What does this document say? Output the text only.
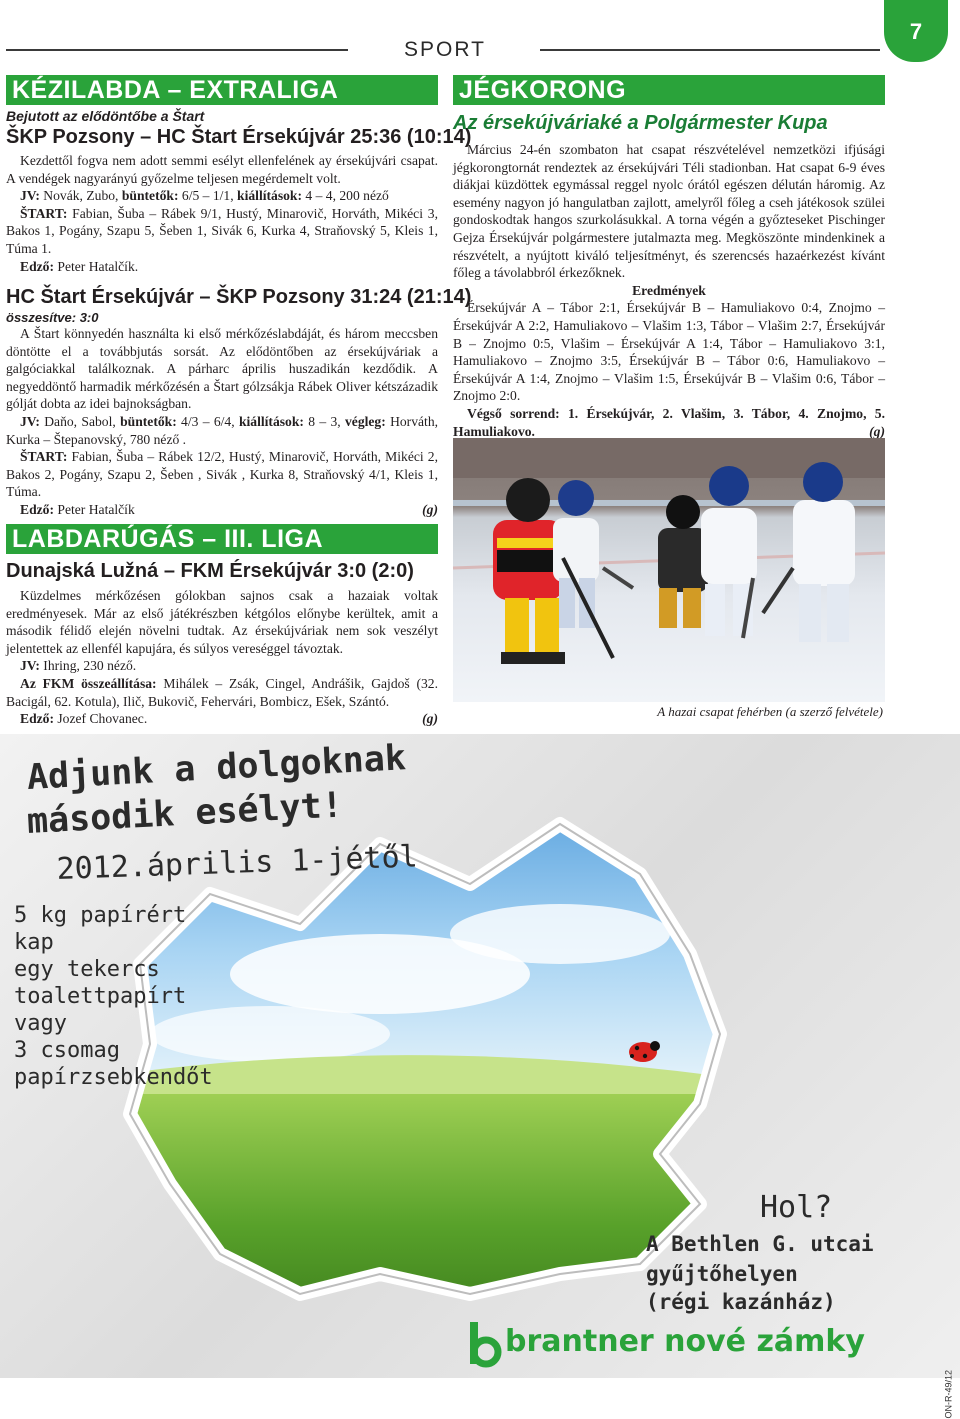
SPORT
7
KÉZILABDA – EXTRALIGA
Bejutott az elődöntőbe a Štart
ŠKP Pozsony – HC Štart Érsekújvár 25:36 (10:14)

Kezdettől fogva nem adott semmi esélyt ellenfelének ay érsekújvári csapat. A vendégek nagyarányú győzelme teljesen megérdemelt volt.

JV: Novák, Zubo, büntetők: 6/5 – 1/1, kiállítások: 4 – 4, 200 néző

ŠTART: Fabian, Šuba – Rábek 9/1, Hustý, Minarovič, Horváth, Mikéci 3, Bakos 1, Pogány, Szapu 5, Šeben 1, Sivák 6, Kurka 4, Straňovský 5, Kleis 1, Túma 1.

Edző: Peter Hatalčík.

HC Štart Érsekújvár – ŠKP Pozsony 31:24 (21:14)
összesítve: 3:0

A Štart könnyedén használta ki első mérkőzéslabdáját, és három meccsben döntötte el a továbbjutás sorsát. Az elődöntőben az érsekújváriak a galgóciakkal találkoznak. A párharc április huszadikán kezdődik. A negyeddöntő harmadik mérkőzésén a Štart gólzsákja Rábek Oliver kétszázadik gólját dobta az idei bajnokságban.

JV: Daňo, Sabol, büntetők: 4/3 – 6/4, kiállítások: 8 – 3, végleg: Horváth, Kurka – Štepanovský, 780 néző .

ŠTART: Fabian, Šuba – Rábek 12/2, Hustý, Minarovič, Horváth, Mikéci 2, Bakos 2, Pogány, Szapu 2, Šeben , Sivák , Kurka 8, Straňovský 4/1, Kleis 1, Túma.

Edző: Peter Hatalčík	(g)

LABDARÚGÁS – III. LIGA
Dunajská Lužná – FKM Érsekújvár 3:0 (2:0)

Küzdelmes mérkőzésen gólokban sajnos csak a hazaiak voltak eredményesek. Már az első játékrészben kétgólos előnybe kerültek, amit a második félidő elején növelni tudtak. Az érsekújváriak nem sok veszélyt jelentettek az ellenfél kapujára, és súlyos vereséggel távoztak.

JV: Ihring, 230 néző.

Az FKM összeállítása: Mihálek – Zsák, Cingel, Andrášik, Gajdoš (32. Bacigál, 62. Kotula), Ilič, Bukovič, Fehervári, Bombicz, Ešek, Szántó.

Edző: Jozef Chovanec.	(g)

JÉGKORONG
Az érsekújváriaké a Polgármester Kupa

Március 24-én szombaton hat csapat részvételével nemzetközi ifjúsági jégkorongtornát rendeztek az érsekújvári Téli stadionban. Hat csapat 6-9 éves diákjai küzdöttek egymással reggel nyolc órától egészen délután háromig. Az esemény nagyon jó hangulatban zajlott, amelyről főleg a cseh játékosok szülei gondoskodtak hangos szurkolásukkal. A torna végén a győzteseket Pischinger Gejza Érsekújvár polgármestere jutalmazta meg. Megköszönte mindenkinek a részvételt, a nyújtott kiváló teljesítményt, és szerencsés hazaérkezést kívánt főleg a távolabbról érkezőknek.

Eredmények

Érsekújvár A – Tábor 2:1, Érsekújvár B – Hamuliakovo 0:4, Znojmo – Érsekújvár A 2:2, Hamuliakovo – Vlašim 1:3, Tábor – Vlašim 2:7, Érsekújvár B – Znojmo 0:5, Vlašim – Érsekújvár A 1:4, Tábor – Hamuliakovo 3:1, Hamuliakovo – Znojmo 3:5, Érsekújvár B – Tábor 0:6, Hamuliakovo – Érsekújvár A 1:4, Znojmo – Vlašim 1:5, Érsekújvár B – Vlašim 0:6, Tábor – Znojmo 2:0.

Végső sorrend: 1. Érsekújvár, 2. Vlašim, 3. Tábor, 4. Znojmo, 5. Hamuliakovo.	(g)

A hazai csapat fehérben (a szerző felvétele)
Adjunk a dolgoknak
második esélyt!
2012.április 1-jétől
5 kg papírért
kap
egy tekercs
toalettpapírt
vagy
3 csomag
papírzsebkendőt
Hol?
A Bethlen G. utcai
gyűjtőhelyen
(régi kazánház)
brantner nové zámky
ON-R-49/12
